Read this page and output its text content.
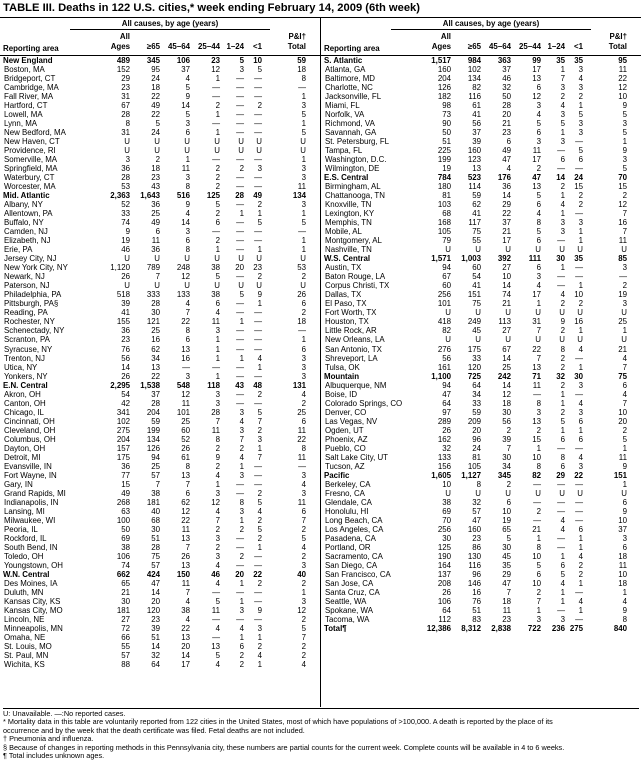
TABLE III. Deaths in 122 U.S. cities,* week ending February 14, 2009 (6th week)
All causes, by age (years)
All
Ages	≥65	45–64	25–44 1–24	<1
P&I†
Total
Reporting area
New England	489 345 106	23 5 10	59
Boston, MA	152	95	37	12 3 5	18
Bridgeport, CT	29	24	4	1 — —	8
Cambridge, MA	23	18	5	— — —	—
Fall River, MA	31	22	9	— — —	1
Hartford, CT	67	49	14	2 — 2	3
Lowell, MA	28	22	5	1 — —	5
Lynn, MA	8	5	3	— — —	1
New Bedford, MA	31	24	6	1 — —	5
New Haven, CT	U	U	U	U U U	U
Providence, RI	U	U	U	U U U	U
Somerville, MA	3	2	1	— — —	1
Springfield, MA	36	18	11	2 2 3	3
Waterbury, CT	28	23	3	2 — —	3
Worcester, MA	53	43	8	2 — —	11
Mid. Atlantic	2,363 1,643 516 125 28 49	134
Albany, NY	52	36	9	5 — 2	3
Allentown, PA	33	25	4	2 1 1	1
Buffalo, NY	74	49	14	6 — 5	5
Camden, NJ	9	6	3	— — —	—
Elizabeth, NJ	19	11	6	2 — —	1
Erie, PA	46	36	8	1 — 1	1
Jersey City, NJ	U	U	U	U U U	U
New York City, NY	1,120 789 248	38 20 23	53
Newark, NJ	26	7	12	5 — 2	2
Paterson, NJ	U	U	U	U U U	U
Philadelphia, PA	518 333 133	38 5 9	26
Pittsburgh, PA§	39	28	4	6 — 1	6
Reading, PA	41	30	7	4 — —	2
Rochester, NY	155 121	22	11 1 —	18
Schenectady, NY	36	25	8	3 — —	—
Scranton, PA	23	16	6	1 — —	1
Syracuse, NY	76	62	13	1 — —	6
Trenton, NJ	56	34	16	1 1 4	3
Utica, NY	14	13	—	— — 1	3
Yonkers, NY	26	22	3	1 — —	3
E.N. Central	2,295 1,538 548 118 43 48	131
Akron, OH	54	37	12	3 — 2	4
Canton, OH	42	28	11	3 — —	2
Chicago, IL	341 204 101	28 3 5	25
Cincinnati, OH	102	59	25	7 4 7	6
Cleveland, OH	275 199	60	11 3 2	11
Columbus, OH	204 134	52	8 7 3	22
Dayton, OH	157 126	26	2 2 1	8
Detroit, MI	175	94	61	9 4 7	11
Evansville, IN	36	25	8	2 1 —	—
Fort Wayne, IN	77	57	13	4 3 —	3
Gary, IN	15	7	7	1 — —	4
Grand Rapids, MI	49	38	6	3 — 2	3
Indianapolis, IN	268 181	62	12 8 5	11
Lansing, MI	63	40	12	4 3 4	6
Milwaukee, WI	100	68	22	7 1 2	7
Peoria, IL	50	30	11	2 2 5	2
Rockford, IL	69	51	13	3 — 2	5
South Bend, IN	38	28	7	2 — 1	4
Toledo, OH	106	75	26	3 2 —	2
Youngstown, OH	74	57	13	4 — —	3
W.N. Central	662 424 150	46 20 22	40
Des Moines, IA	65	47	11	4 1 2	2
Duluth, MN	21	14	7	— — —	1
Kansas City, KS	30	20	4	5 1 —	3
Kansas City, MO	181 120	38	11 3 9	12
Lincoln, NE	27	23	4	— — —	2
Minneapolis, MN	72	39	22	4 4 3	5
Omaha, NE	66	51	13	— 1 1	7
St. Louis, MO	55	14	20	13 6 2	2
St. Paul, MN	57	32	14	5 2 4	2
Wichita, KS	88	64	17	4 2 1	4
All causes, by age (years)
All
Ages	≥65	45–64	25–44 1–24	<1
P&I†
Total
Reporting area
S. Atlantic	1,517 984 363	99 35 35	95
Atlanta, GA	160 102	37	17 1 3	11
Baltimore, MD	204 134	46	13 7 4	22
Charlotte, NC	126	82	32	6 3 3	12
Jacksonville, FL	182 116	50	12 2 2	10
Miami, FL	98	61	28	3 4 1	9
Norfolk, VA	73	41	20	4 3 5	5
Richmond, VA	90	56	21	5 5 3	3
Savannah, GA	50	37	23	6 1 3	5
St. Petersburg, FL	51	39	6	3 3 —	1
Tampa, FL	225 160	49	11 — 5	9
Washington, D.C.	199 123	47	17 6 6	3
Wilmington, DE	19	13	4	2 — —	5
E.S. Central	784 523 176	47 14 24	70
Birmingham, AL	180 114	36	13 2 15	15
Chattanooga, TN	81	59	14	5 1 2	2
Knoxville, TN	103	62	29	6 4 2	12
Lexington, KY	68	41	22	4 1 —	7
Memphis, TN	168 117	37	8 3 3	16
Mobile, AL	105	75	21	5 3 1	7
Montgomery, AL	79	55	17	6 — 1	11
Nashville, TN	U	U	U	U U U	U
W.S. Central	1,571 1,003 392 111 30 35	85
Austin, TX	94	60	27	6 1 —	3
Baton Rouge, LA	67	54	10	3 — —	—
Corpus Christi, TX	60	41	14	4 — 1	2
Dallas, TX	256 151	74	17 4 10	19
El Paso, TX	101	75	21	1 2 2	3
Fort Worth, TX	U	U	U	U U U	U
Houston, TX	418 249 113	31 9 16	25
Little Rock, AR	82	45	27	7 2 1	1
New Orleans, LA	U	U	U	U U U	U
San Antonio, TX	276 175	67	22 8 4	21
Shreveport, LA	56	33	14	7 2 —	4
Tulsa, OK	161 120	25	13 2 1	7
Mountain	1,100 725 242	71 32 30	75
Albuquerque, NM	94	64	14	11 2 3	6
Boise, ID	47	34	12	— 1 —	4
Colorado Springs, CO	64	33	18	8 1 4	7
Denver, CO	97	59	30	3 2 3	10
Las Vegas, NV	289 209	56	13 5 6	20
Ogden, UT	26	20	2	2 1 1	2
Phoenix, AZ	162	96	39	15 6 6	5
Pueblo, CO	32	24	7	1 — —	1
Salt Lake City, UT	133	81	30	10 8 4	11
Tucson, AZ	156 105	34	8 6 3	9
Pacific	1,605 1,127 345	82 29 22	151
Berkeley, CA	10	8	2	— — —	1
Fresno, CA	U	U	U	U U U	U
Glendale, CA	38	32	6	— — —	6
Honolulu, HI	69	57	10	2 — —	9
Long Beach, CA	70	47	19	— 4 —	10
Los Angeles, CA	256 160	65	21 4 6	37
Pasadena, CA	30	23	5	1 — 1	3
Portland, OR	125	86	30	8 — 1	6
Sacramento, CA	190 130	45	10 1 4	18
San Diego, CA	164 116	35	5 6 2	11
San Francisco, CA	137	96	29	6 5 2	10
San Jose, CA	208 146	47	10 4 1	18
Santa Cruz, CA	26	16	7	2 1 —	1
Seattle, WA	106	76	18	7 1 4	4
Spokane, WA	64	51	11	1 — 1	9
Tacoma, WA	112	83	23	3 3 —	8
Total¶	12,386 8,312 2,838 722 236 275	840
U: Unavailable. —:No reported cases.
* Mortality data in this table are voluntarily reported from 122 cities in the United States, most of which have populations of >100,000. A death is reported by the place of its
occurrence and by the week that the death certificate was filed. Fetal deaths are not included.
† Pneumonia and influenza.
§ Because of changes in reporting methods in this Pennsylvania city, these numbers are partial counts for the current week. Complete counts will be available in 4 to 6 weeks.
¶ Total includes unknown ages.
